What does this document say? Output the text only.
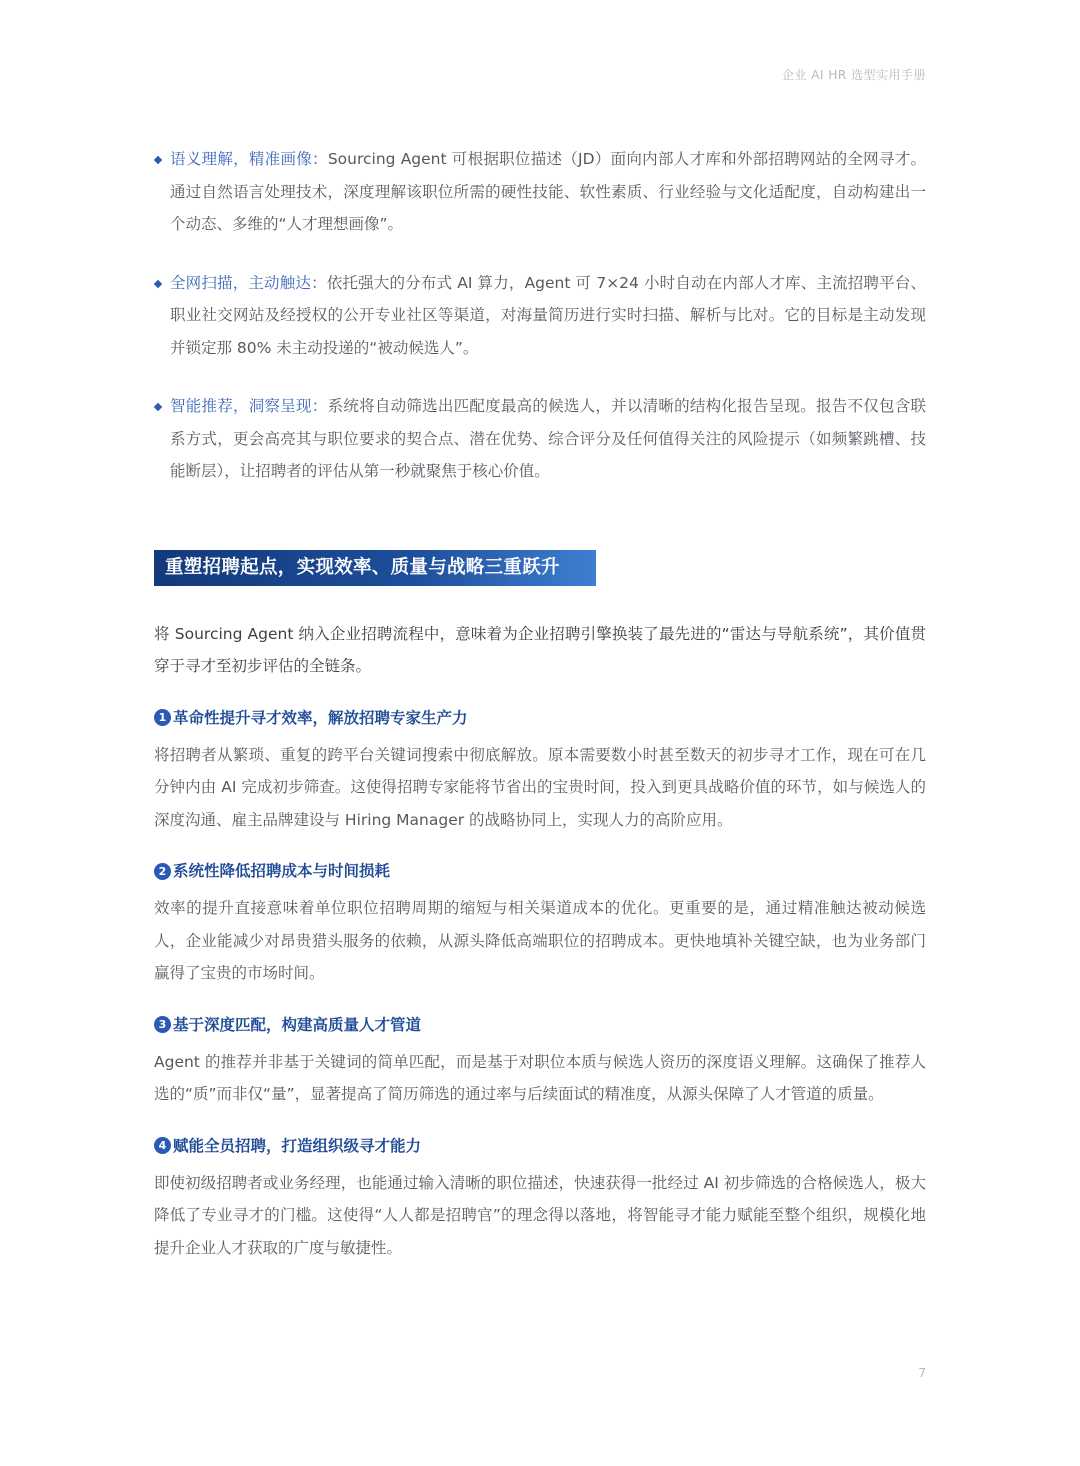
企业 AI HR 选型实用手册
语义理解，精准画像：Sourcing Agent 可根据职位描述（JD）面向内部人才库和外部招聘网站的全网寻才。通过自然语言处理技术，深度理解该职位所需的硬性技能、软性素质、行业经验与文化适配度，自动构建出一个动态、多维的“人才理想画像”。
全网扫描，主动触达：依托强大的分布式 AI 算力，Agent 可 7×24 小时自动在内部人才库、主流招聘平台、职业社交网站及经授权的公开专业社区等渠道，对海量简历进行实时扫描、解析与比对。它的目标是主动发现并锁定那 80% 未主动投递的“被动候选人”。
智能推荐，洞察呈现：系统将自动筛选出匹配度最高的候选人，并以清晰的结构化报告呈现。报告不仅包含联系方式，更会高亮其与职位要求的契合点、潜在优势、综合评分及任何值得关注的风险提示（如频繁跳槽、技能断层），让招聘者的评估从第一秒就聚焦于核心价值。
重塑招聘起点，实现效率、质量与战略三重跃升
将 Sourcing Agent 纳入企业招聘流程中，意味着为企业招聘引擎换装了最先进的“雷达与导航系统”，其价值贯穿于寻才至初步评估的全链条。
1 革命性提升寻才效率，解放招聘专家生产力
将招聘者从繁琐、重复的跨平台关键词搜索中彻底解放。原本需要数小时甚至数天的初步寻才工作，现在可在几分钟内由 AI 完成初步筛查。这使得招聘专家能将节省出的宝贵时间，投入到更具战略价值的环节，如与候选人的深度沟通、雇主品牌建设与 Hiring Manager 的战略协同上，实现人力的高阶应用。
2 系统性降低招聘成本与时间损耗
效率的提升直接意味着单位职位招聘周期的缩短与相关渠道成本的优化。更重要的是，通过精准触达被动候选人，企业能减少对昂贵猎头服务的依赖，从源头降低高端职位的招聘成本。更快地填补关键空缺，也为业务部门赢得了宝贵的市场时间。
3 基于深度匹配，构建高质量人才管道
Agent 的推荐并非基于关键词的简单匹配，而是基于对职位本质与候选人资历的深度语义理解。这确保了推荐人选的“质”而非仅“量”，显著提高了简历筛选的通过率与后续面试的精准度，从源头保障了人才管道的质量。
4 赋能全员招聘，打造组织级寻才能力
即使初级招聘者或业务经理，也能通过输入清晰的职位描述，快速获得一批经过 AI 初步筛选的合格候选人，极大降低了专业寻才的门槛。这使得“人人都是招聘官”的理念得以落地，将智能寻才能力赋能至整个组织，规模化地提升企业人才获取的广度与敏捷性。
7
